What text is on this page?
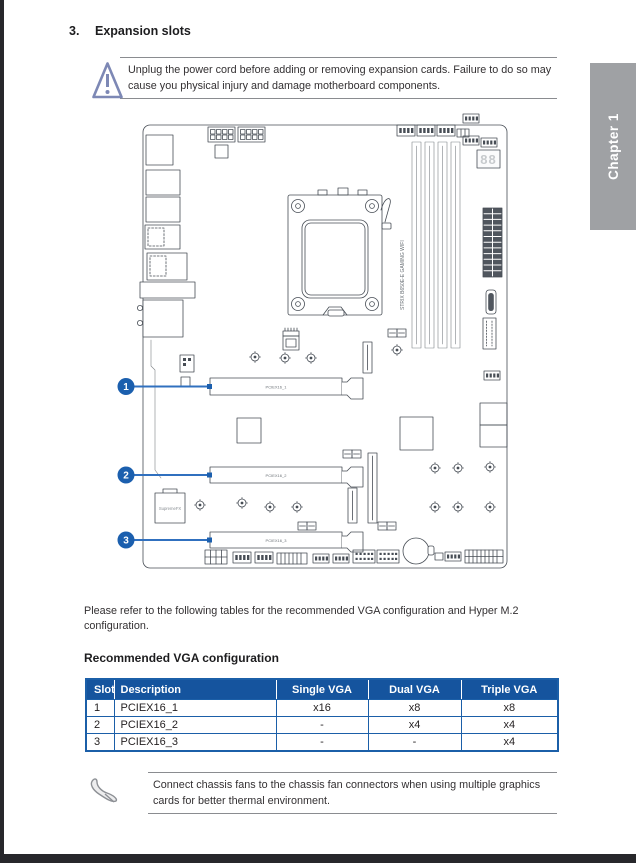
Chapter 1
3. Expansion slots
Unplug the power cord before adding or removing expansion cards. Failure to do so may cause you physical injury and damage motherboard components.
88
STRIX B650E-E GAMING WIFI
SupremeFX
PCIEX16_1
PCIEX16_2
PCIEX16_3
1
2
3
Please refer to the following tables for the recommended VGA configuration and Hyper M.2 configuration.
Recommended VGA configuration
Slot	Description	Single VGA	Dual VGA	Triple VGA
1	PCIEX16_1	x16	x8	x8
2	PCIEX16_2	-	x4	x4
3	PCIEX16_3	-	-	x4
Connect chassis fans to the chassis fan connectors when using multiple graphics cards for better thermal environment.
